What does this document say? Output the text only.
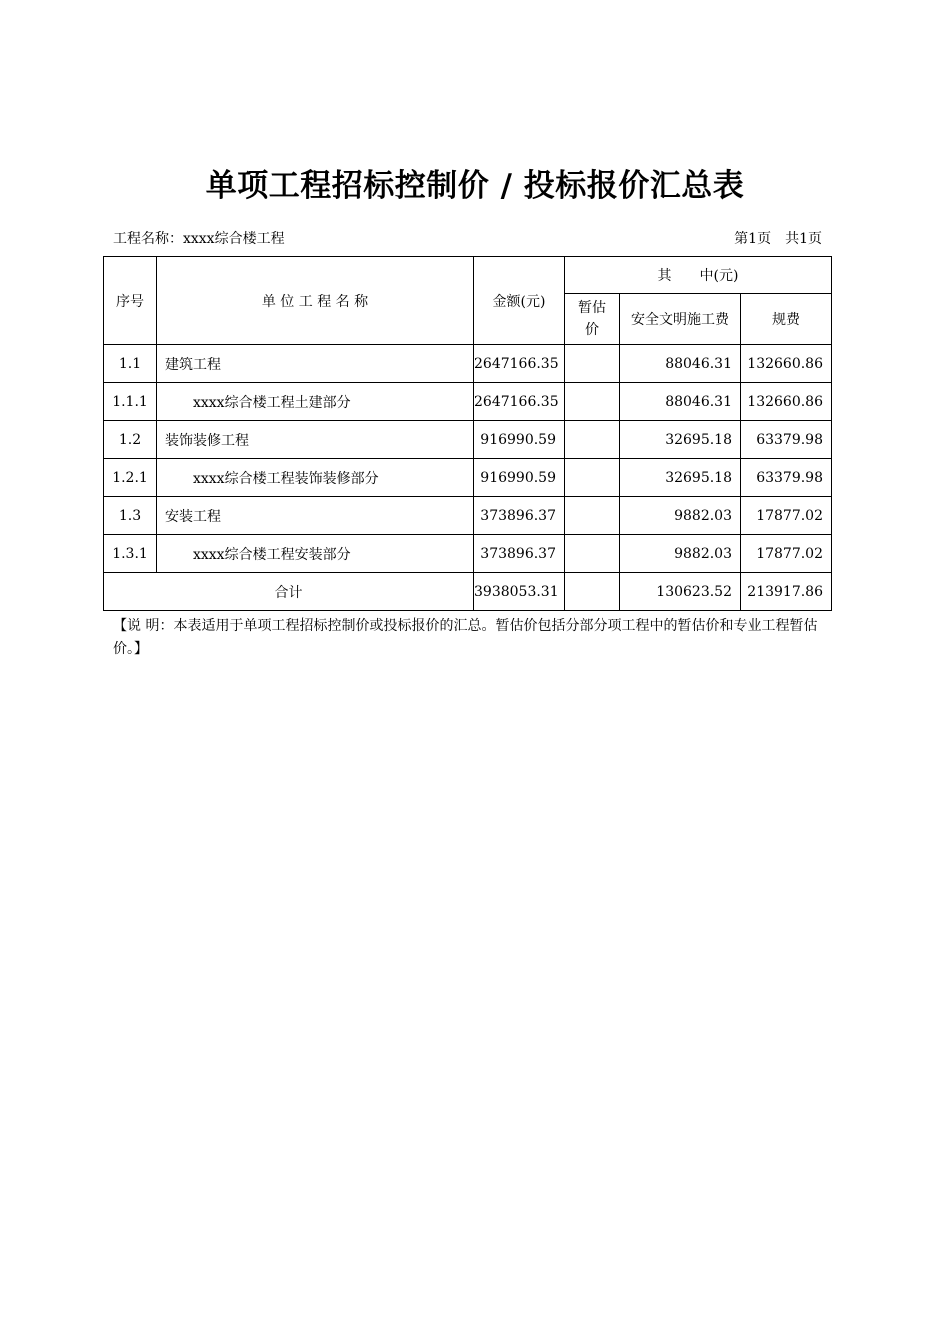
单项工程招标控制价 / 投标报价汇总表
工程名称：xxxx综合楼工程	第1页　共1页
序号	单 位 工 程 名 称	金额(元)	其　　中(元)		

			暂估价	安全文明施工费	规费
1.1	建筑工程	2647166.35		88046.31	132660.86
1.1.1	xxxx综合楼工程土建部分	2647166.35		88046.31	132660.86
1.2	装饰装修工程	916990.59		32695.18	63379.98
1.2.1	xxxx综合楼工程装饰装修部分	916990.59		32695.18	63379.98
1.3	安装工程	373896.37		9882.03	17877.02
1.3.1	xxxx综合楼工程安装部分	373896.37		9882.03	17877.02
合计		3938053.31		130623.52	213917.86
【说 明：本表适用于单项工程招标控制价或投标报价的汇总。暂估价包括分部分项工程中的暂估价和专业工程暂估价。】
